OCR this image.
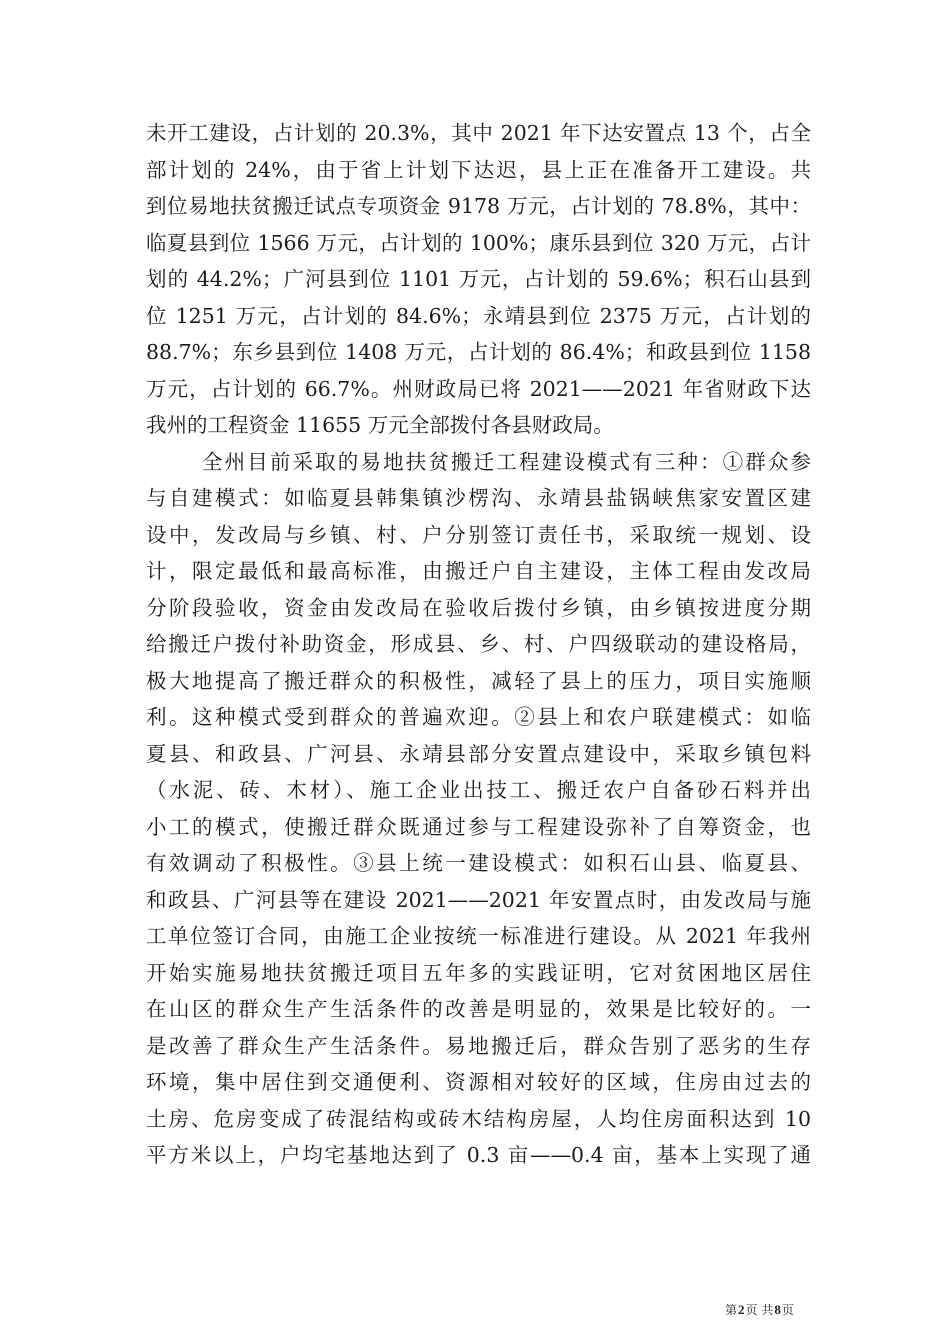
未开工建设，占计划的 20.3%，其中 2021 年下达安置点 13 个，占全
部计划的 24%，由于省上计划下达迟，县上正在准备开工建设。共
到位易地扶贫搬迁试点专项资金 9178 万元，占计划的 78.8%，其中：
临夏县到位 1566 万元，占计划的 100%；康乐县到位 320 万元，占计
划的 44.2%；广河县到位 1101 万元，占计划的 59.6%；积石山县到
位 1251 万元，占计划的 84.6%；永靖县到位 2375 万元，占计划的
88.7%；东乡县到位 1408 万元，占计划的 86.4%；和政县到位 1158
万元，占计划的 66.7%。州财政局已将 2021——2021 年省财政下达
我州的工程资金 11655 万元全部拨付各县财政局。
全州目前采取的易地扶贫搬迁工程建设模式有三种：①群众参
与自建模式：如临夏县韩集镇沙楞沟、永靖县盐锅峡焦家安置区建
设中，发改局与乡镇、村、户分别签订责任书，采取统一规划、设
计，限定最低和最高标准，由搬迁户自主建设，主体工程由发改局
分阶段验收，资金由发改局在验收后拨付乡镇，由乡镇按进度分期
给搬迁户拨付补助资金，形成县、乡、村、户四级联动的建设格局，
极大地提高了搬迁群众的积极性，减轻了县上的压力，项目实施顺
利。这种模式受到群众的普遍欢迎。②县上和农户联建模式：如临
夏县、和政县、广河县、永靖县部分安置点建设中，采取乡镇包料
（水泥、砖、木材）、施工企业出技工、搬迁农户自备砂石料并出
小工的模式，使搬迁群众既通过参与工程建设弥补了自筹资金，也
有效调动了积极性。③县上统一建设模式：如积石山县、临夏县、
和政县、广河县等在建设 2021——2021 年安置点时，由发改局与施
工单位签订合同，由施工企业按统一标准进行建设。从 2021 年我州
开始实施易地扶贫搬迁项目五年多的实践证明，它对贫困地区居住
在山区的群众生产生活条件的改善是明显的，效果是比较好的。一
是改善了群众生产生活条件。易地搬迁后，群众告别了恶劣的生存
环境，集中居住到交通便利、资源相对较好的区域，住房由过去的
土房、危房变成了砖混结构或砖木结构房屋，人均住房面积达到 10
平方米以上，户均宅基地达到了 0.3 亩——0.4 亩，基本上实现了通
第2页 共8页
